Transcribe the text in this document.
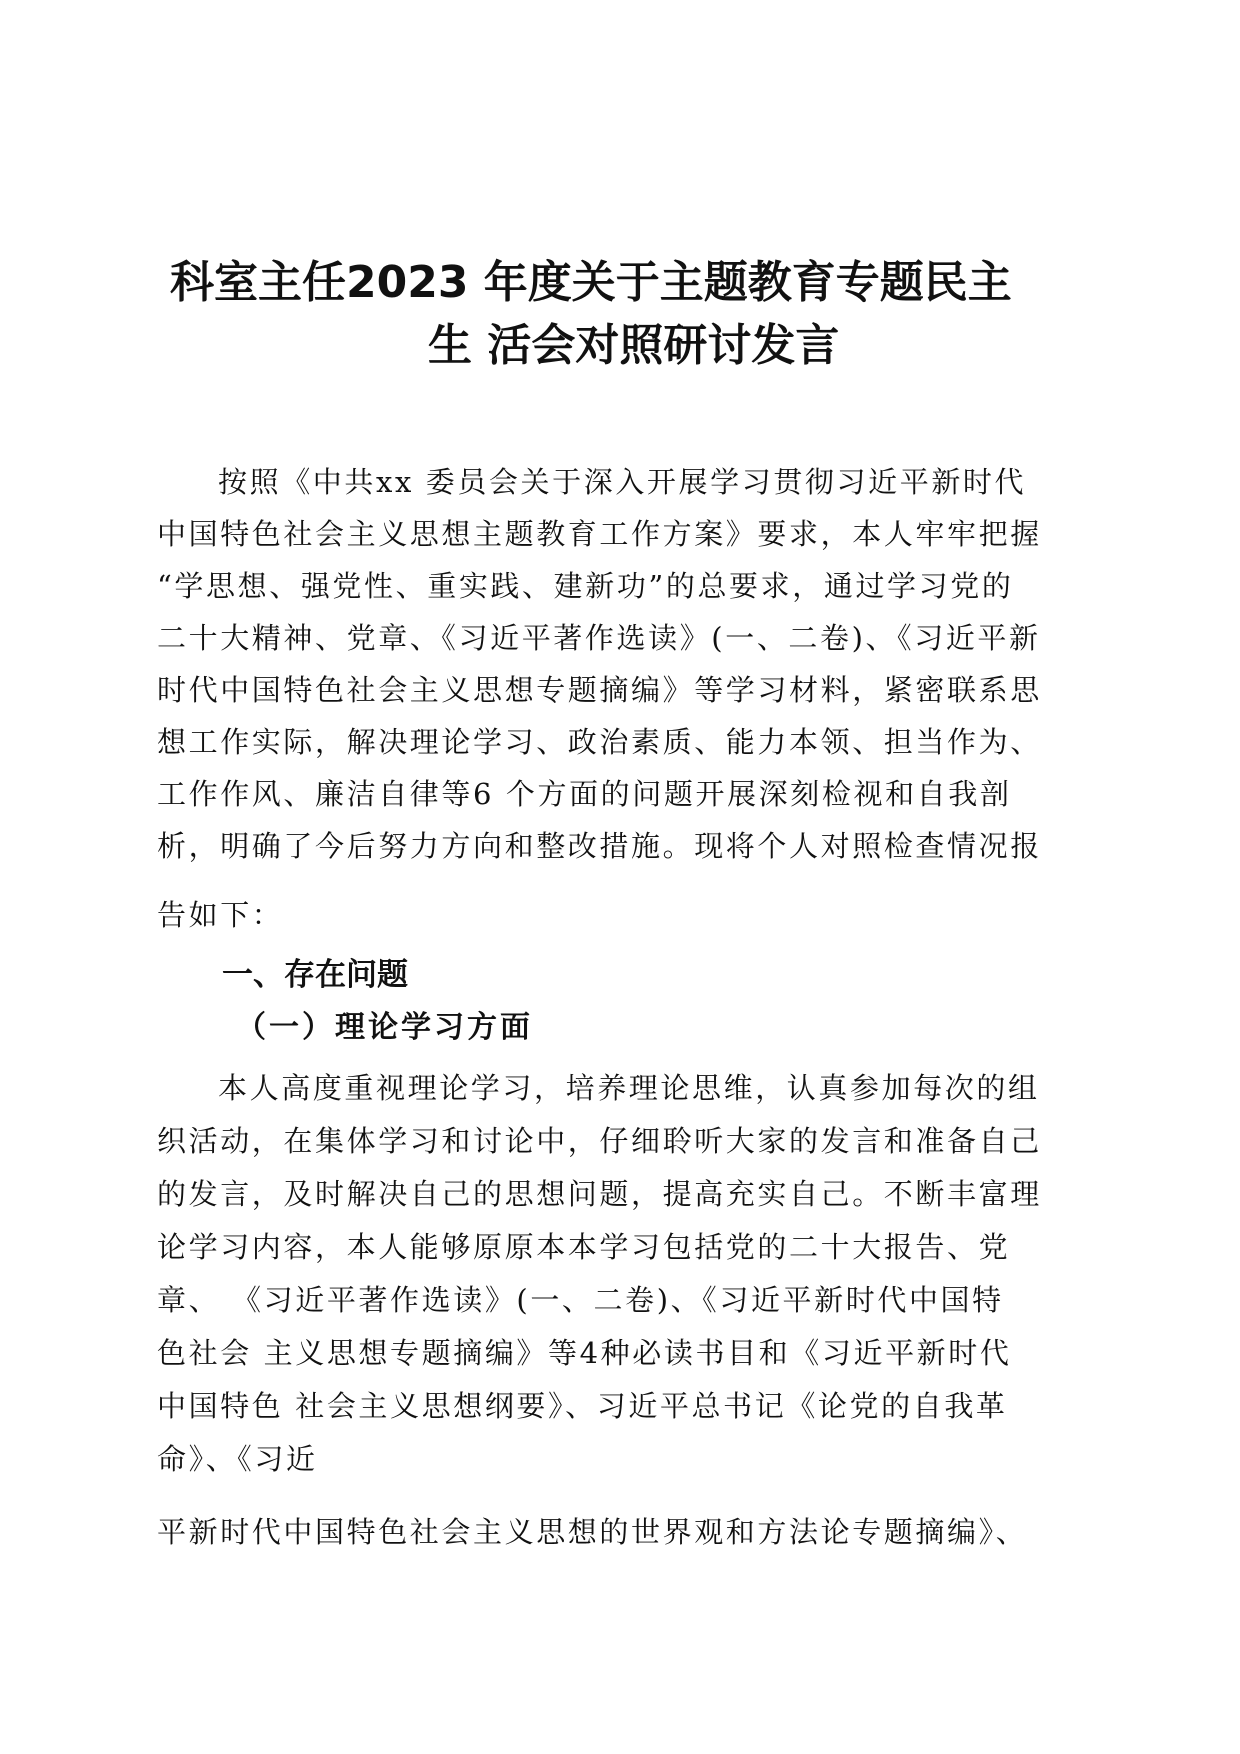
科室主任2023 年度关于主题教育专题民主
生 活会对照研讨发言
按照《中共xx 委员会关于深入开展学习贯彻习近平新时代
中国特色社会主义思想主题教育工作方案》要求，本人牢牢把握
“学思想、强党性、重实践、建新功”的总要求，通过学习党的
二十大精神、党章、《习近平著作选读》(一、二卷)、《习近平新
时代中国特色社会主义思想专题摘编》等学习材料，紧密联系思
想工作实际，解决理论学习、政治素质、能力本领、担当作为、
工作作风、廉洁自律等6 个方面的问题开展深刻检视和自我剖
析，明确了今后努力方向和整改措施。现将个人对照检查情况报
告如下：
一、存在问题
（一）理论学习方面
本人高度重视理论学习，培养理论思维，认真参加每次的组
织活动，在集体学习和讨论中，仔细聆听大家的发言和准备自己
的发言，及时解决自己的思想问题，提高充实自己。不断丰富理
论学习内容，本人能够原原本本学习包括党的二十大报告、党
章、 《习近平著作选读》(一、二卷)、《习近平新时代中国特
色社会 主义思想专题摘编》等4种必读书目和《习近平新时代
中国特色 社会主义思想纲要》、习近平总书记《论党的自我革
命》、《习近
平新时代中国特色社会主义思想的世界观和方法论专题摘编》、
